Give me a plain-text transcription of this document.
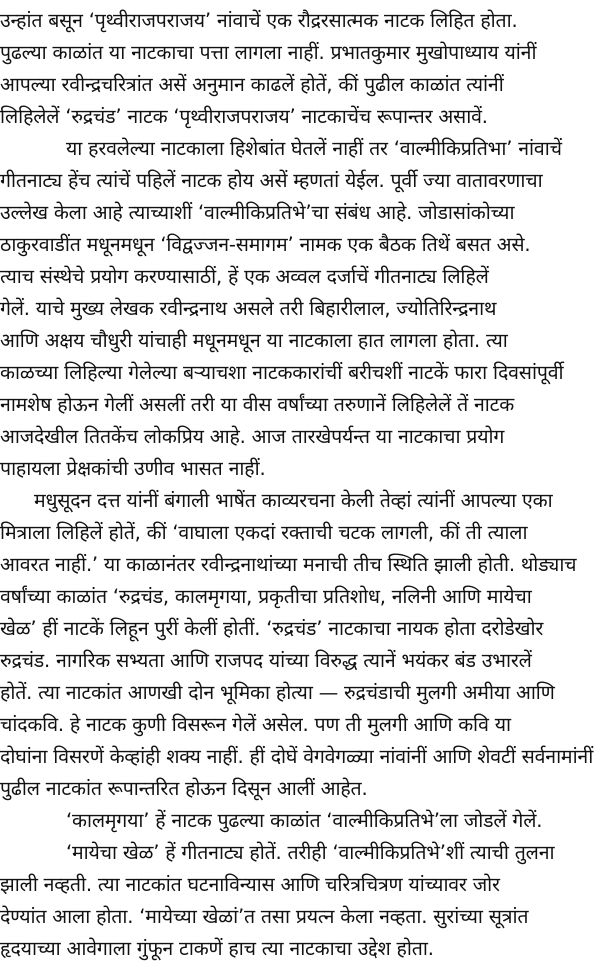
उन्हांत बसून ‘पृथ्वीराजपराजय’ नांवाचें एक रौद्ररसात्मक नाटक लिहित होता.
पुढल्या काळांत या नाटकाचा पत्ता लागला नाहीं. प्रभातकुमार मुखोपाध्याय यांनीं
आपल्या रवीन्द्रचरित्रांत असें अनुमान काढलें होतें, कीं पुढील काळांत त्यांनीं
लिहिलेलें ‘रुद्रचंड’ नाटक ‘पृथ्वीराजपराजय’ नाटकाचेंच रूपान्तर असावें.
या हरवलेल्या नाटकाला हिशेबांत घेतलें नाहीं तर ‘वाल्मीकिप्रतिभा’ नांवाचें
गीतनाट्य हेंच त्यांचें पहिलें नाटक होय असें म्हणतां येईल. पूर्वी ज्या वातावरणाचा
उल्लेख केला आहे त्याच्याशीं ‘वाल्मीकिप्रतिभे’चा संबंध आहे. जोडासांकोच्या
ठाकुरवाडींत मधूनमधून ‘विद्वज्जन-समागम’ नामक एक बैठक तिथें बसत असे.
त्याच संस्थेचे प्रयोग करण्यासाठीं, हें एक अव्वल दर्जाचें गीतनाट्य लिहिलें
गेलें. याचे मुख्य लेखक रवीन्द्रनाथ असले तरी बिहारीलाल, ज्योतिरिन्द्रनाथ
आणि अक्षय चौधुरी यांचाही मधूनमधून या नाटकाला हात लागला होता. त्या
काळच्या लिहिल्या गेलेल्या बऱ्याचशा नाटककारांचीं बरीचशीं नाटकें फारा दिवसांपूर्वी
नामशेष होऊन गेलीं असलीं तरी या वीस वर्षांच्या तरुणानें लिहिलेलें तें नाटक
आजदेखील तितकेंच लोकप्रिय आहे. आज तारखेपर्यन्त या नाटकाचा प्रयोग
पाहायला प्रेक्षकांची उणीव भासत नाहीं.
मधुसूदन दत्त यांनीं बंगाली भाषेंत काव्यरचना केली तेव्हां त्यांनीं आपल्या एका
मित्राला लिहिलें होतें, कीं ‘वाघाला एकदां रक्ताची चटक लागली, कीं ती त्याला
आवरत नाहीं.’ या काळानंतर रवीन्द्रनाथांच्या मनाची तीच स्थिति झाली होती. थोड्याच
वर्षांच्या काळांत ‘रुद्रचंड, कालमृगया, प्रकृतीचा प्रतिशोध, नलिनी आणि मायेचा
खेळ’ हीं नाटकें लिहून पुरीं केलीं होतीं. ‘रुद्रचंड’ नाटकाचा नायक होता दरोडेखोर
रुद्रचंड. नागरिक सभ्यता आणि राजपद यांच्या विरुद्ध त्यानें भयंकर बंड उभारलें
होतें. त्या नाटकांत आणखी दोन भूमिका होत्या — रुद्रचंडाची मुलगी अमीया आणि
चांदकवि. हे नाटक कुणी विसरून गेलें असेल. पण ती मुलगी आणि कवि या
दोघांना विसरणें केव्हांही शक्य नाहीं. हीं दोघें वेगवेगळ्या नांवांनीं आणि शेवटीं सर्वनामांनीं
पुढील नाटकांत रूपान्तरित होऊन दिसून आलीं आहेत.
‘कालमृगया’ हें नाटक पुढल्या काळांत ‘वाल्मीकिप्रतिभे’ला जोडलें गेलें.
‘मायेचा खेळ’ हें गीतनाट्य होतें. तरीही ‘वाल्मीकिप्रतिभे’शीं त्याची तुलना
झाली नव्हती. त्या नाटकांत घटनाविन्यास आणि चरित्रचित्रण यांच्यावर जोर
देण्यांत आला होता. ‘मायेच्या खेळां’त तसा प्रयत्न केला नव्हता. सुरांच्या सूत्रांत
हृदयाच्या आवेगाला गुंफून टाकणें हाच त्या नाटकाचा उद्देश होता.
